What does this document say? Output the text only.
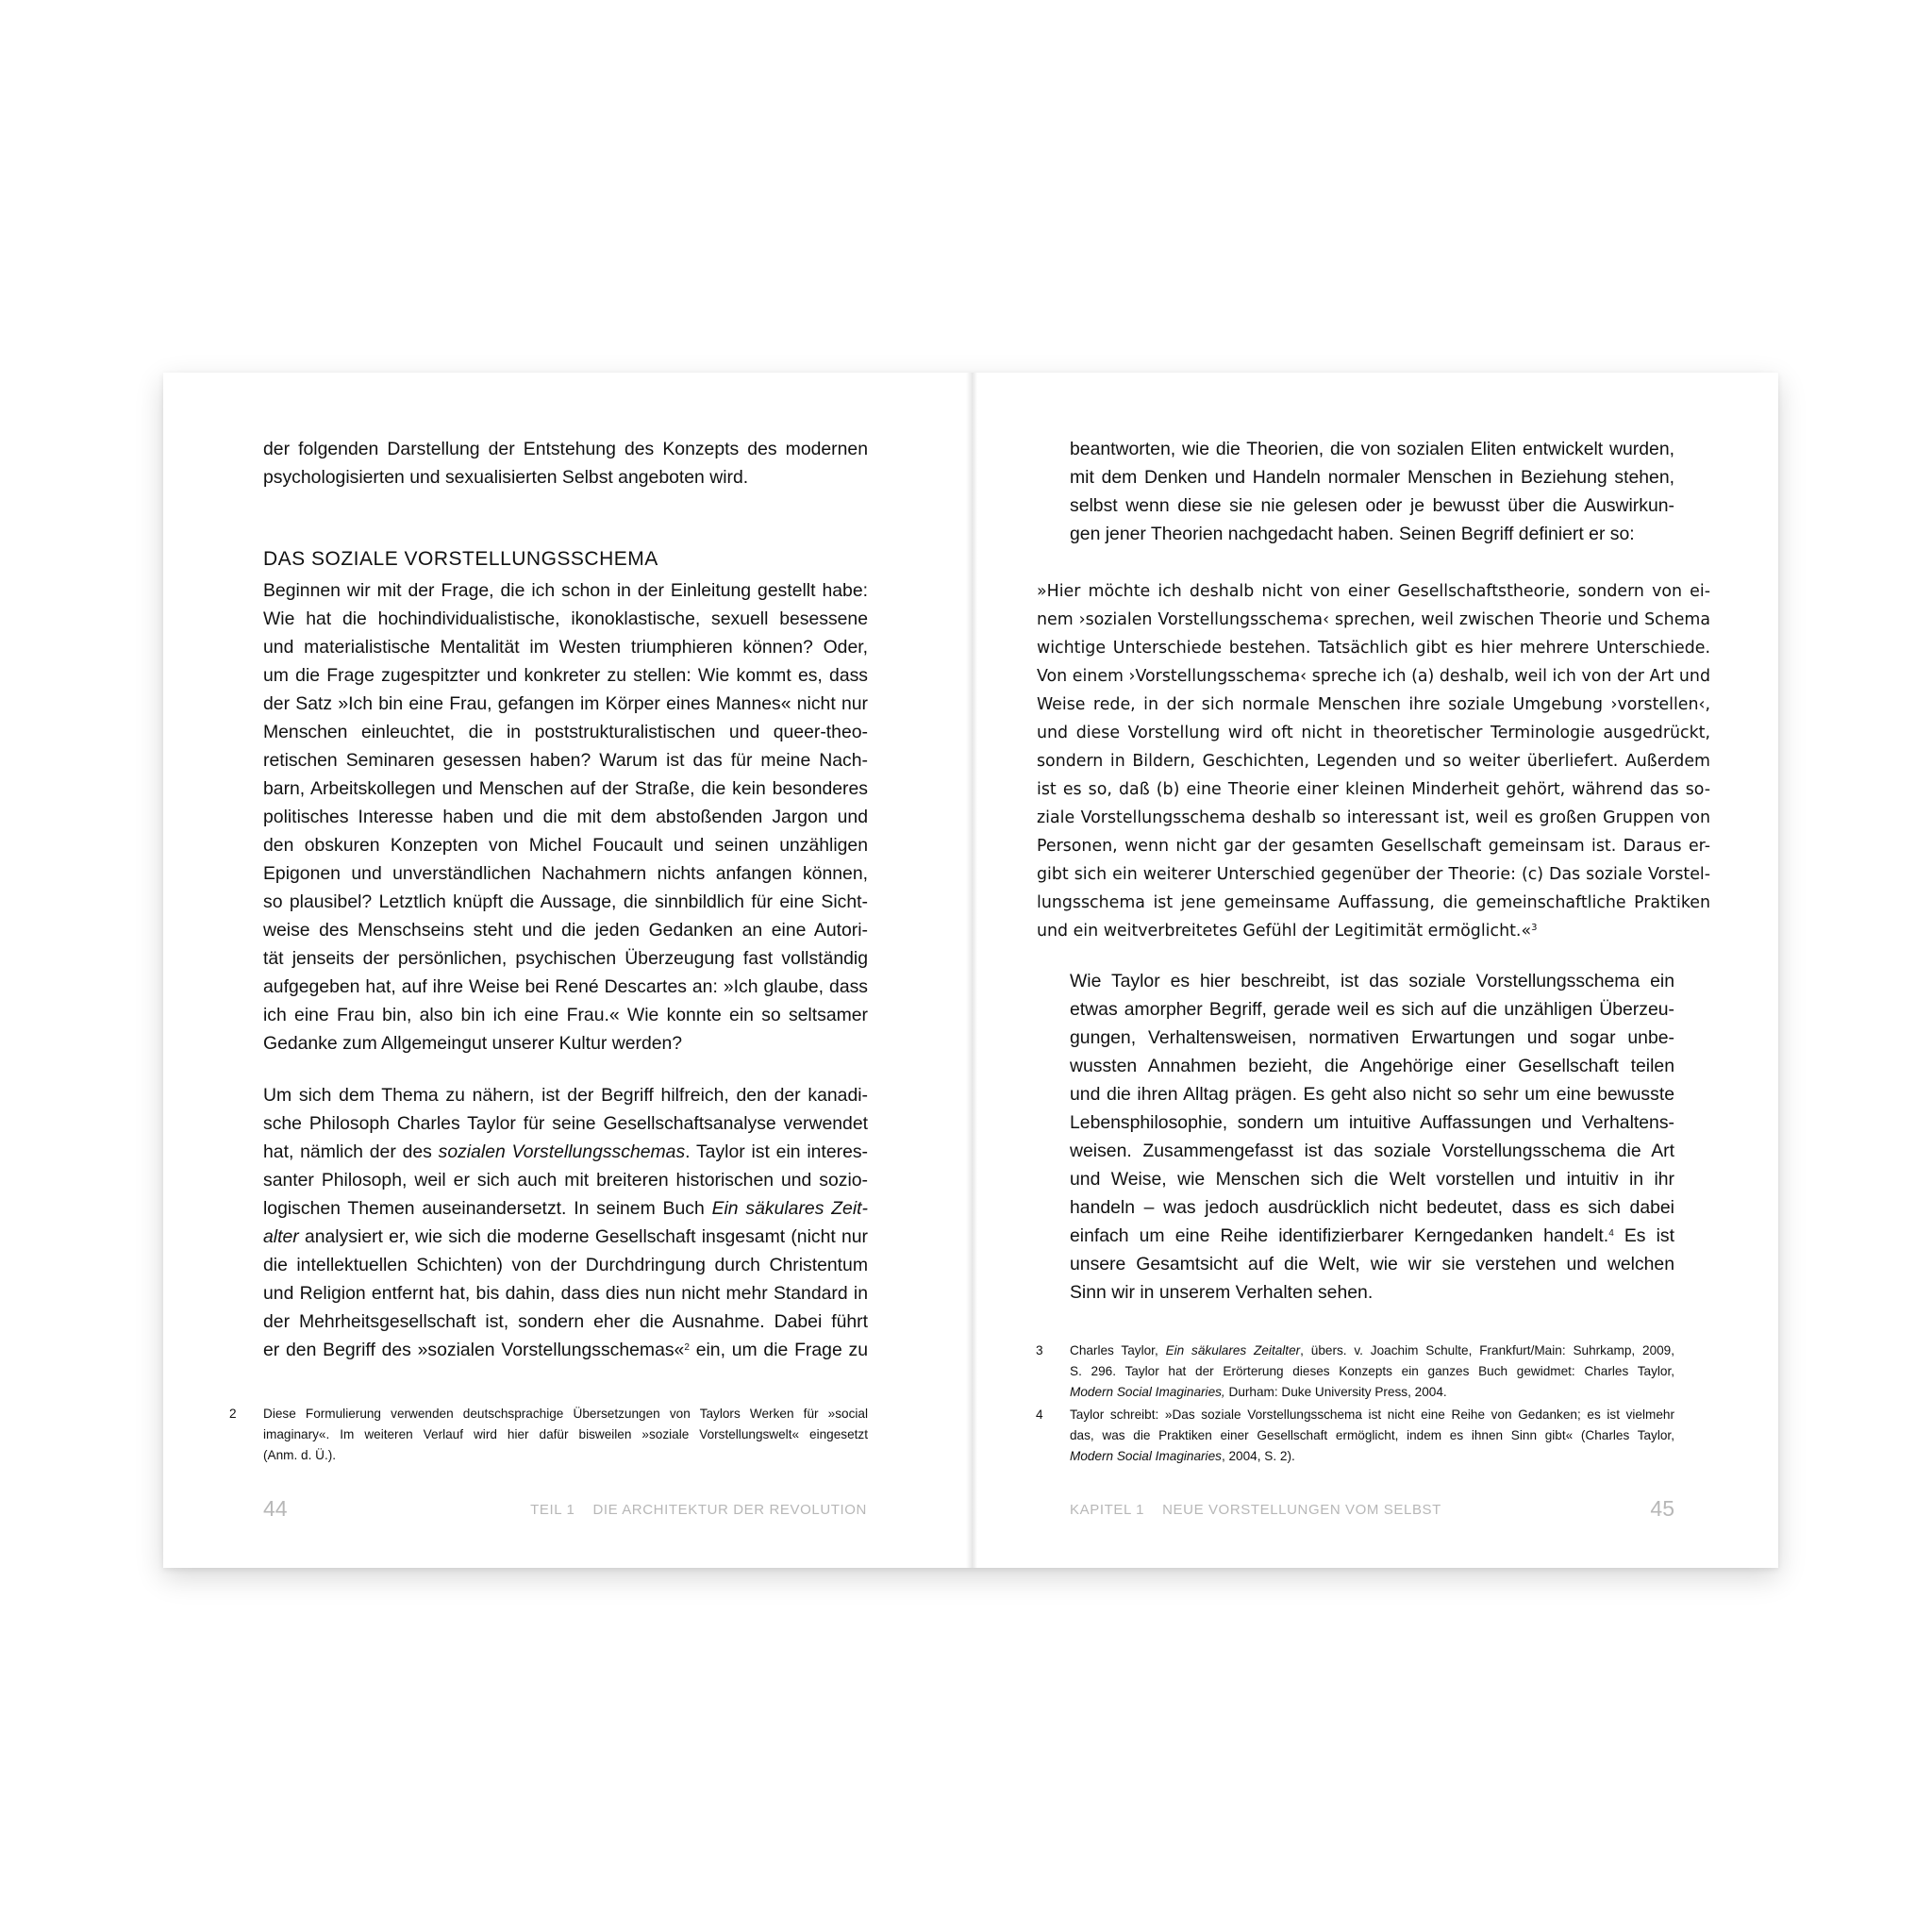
der folgenden Darstellung der Entstehung des Konzepts des modernen
psychologisierten und sexualisierten Selbst angeboten wird.
DAS SOZIALE VORSTELLUNGSSCHEMA
Beginnen wir mit der Frage, die ich schon in der Einleitung gestellt habe:
Wie hat die hochindividualistische, ikonoklastische, sexuell besessene
und materialistische Mentalität im Westen triumphieren können? Oder,
um die Frage zugespitzter und konkreter zu stellen: Wie kommt es, dass
der Satz »Ich bin eine Frau, gefangen im Körper eines Mannes« nicht nur
Menschen einleuchtet, die in poststrukturalistischen und queer-theo-
retischen Seminaren gesessen haben? Warum ist das für meine Nach-
barn, Arbeitskollegen und Menschen auf der Straße, die kein besonderes
politisches Interesse haben und die mit dem abstoßenden Jargon und
den obskuren Konzepten von Michel Foucault und seinen unzähligen
Epigonen und unverständlichen Nachahmern nichts anfangen können,
so plausibel? Letztlich knüpft die Aussage, die sinnbildlich für eine Sicht-
weise des Menschseins steht und die jeden Gedanken an eine Autori-
tät jenseits der persönlichen, psychischen Überzeugung fast vollständig
aufgegeben hat, auf ihre Weise bei René Descartes an: »Ich glaube, dass
ich eine Frau bin, also bin ich eine Frau.« Wie konnte ein so seltsamer
Gedanke zum Allgemeingut unserer Kultur werden?
Um sich dem Thema zu nähern, ist der Begriff hilfreich, den der kanadi-
sche Philosoph Charles Taylor für seine Gesellschaftsanalyse verwendet
hat, nämlich der des sozialen Vorstellungsschemas. Taylor ist ein interes-
santer Philosoph, weil er sich auch mit breiteren historischen und sozio-
logischen Themen auseinandersetzt. In seinem Buch Ein säkulares Zeit-
alter analysiert er, wie sich die moderne Gesellschaft insgesamt (nicht nur
die intellektuellen Schichten) von der Durchdringung durch Christentum
und Religion entfernt hat, bis dahin, dass dies nun nicht mehr Standard in
der Mehrheitsgesellschaft ist, sondern eher die Ausnahme. Dabei führt
er den Begriff des »sozialen Vorstellungsschemas«$^2$ ein, um die Frage zu
2 Diese Formulierung verwenden deutschsprachige Übersetzungen von Taylors Werken für »social
imaginary«. Im weiteren Verlauf wird hier dafür bisweilen »soziale Vorstellungswelt« eingesetzt
(Anm. d. Ü.).
44	TEIL 1    DIE ARCHITEKTUR DER REVOLUTION
beantworten, wie die Theorien, die von sozialen Eliten entwickelt wurden,
mit dem Denken und Handeln normaler Menschen in Beziehung stehen,
selbst wenn diese sie nie gelesen oder je bewusst über die Auswirkun-
gen jener Theorien nachgedacht haben. Seinen Begriff definiert er so:
»Hier möchte ich deshalb nicht von einer Gesellschaftstheorie, sondern von ei-
nem ›sozialen Vorstellungsschema‹ sprechen, weil zwischen Theorie und Schema
wichtige Unterschiede bestehen. Tatsächlich gibt es hier mehrere Unterschiede.
Von einem ›Vorstellungsschema‹ spreche ich (a) deshalb, weil ich von der Art und
Weise rede, in der sich normale Menschen ihre soziale Umgebung ›vorstellen‹,
und diese Vorstellung wird oft nicht in theoretischer Terminologie ausgedrückt,
sondern in Bildern, Geschichten, Legenden und so weiter überliefert. Außerdem
ist es so, daß (b) eine Theorie einer kleinen Minderheit gehört, während das so-
ziale Vorstellungsschema deshalb so interessant ist, weil es großen Gruppen von
Personen, wenn nicht gar der gesamten Gesellschaft gemeinsam ist. Daraus er-
gibt sich ein weiterer Unterschied gegenüber der Theorie: (c) Das soziale Vorstel-
lungsschema ist jene gemeinsame Auffassung, die gemeinschaftliche Praktiken
und ein weitverbreitetes Gefühl der Legitimität ermöglicht.«$^3$
Wie Taylor es hier beschreibt, ist das soziale Vorstellungsschema ein
etwas amorpher Begriff, gerade weil es sich auf die unzähligen Überzeu-
gungen, Verhaltensweisen, normativen Erwartungen und sogar unbe-
wussten Annahmen bezieht, die Angehörige einer Gesellschaft teilen
und die ihren Alltag prägen. Es geht also nicht so sehr um eine bewusste
Lebensphilosophie, sondern um intuitive Auffassungen und Verhaltens-
weisen. Zusammengefasst ist das soziale Vorstellungsschema die Art
und Weise, wie Menschen sich die Welt vorstellen und intuitiv in ihr
handeln – was jedoch ausdrücklich nicht bedeutet, dass es sich dabei
einfach um eine Reihe identifizierbarer Kerngedanken handelt.$^4$ Es ist
unsere Gesamtsicht auf die Welt, wie wir sie verstehen und welchen
Sinn wir in unserem Verhalten sehen.
3 Charles Taylor, Ein säkulares Zeitalter, übers. v. Joachim Schulte, Frankfurt/Main: Suhrkamp, 2009,
S. 296. Taylor hat der Erörterung dieses Konzepts ein ganzes Buch gewidmet: Charles Taylor,
Modern Social Imaginaries, Durham: Duke University Press, 2004.
4 Taylor schreibt: »Das soziale Vorstellungsschema ist nicht eine Reihe von Gedanken; es ist vielmehr
das, was die Praktiken einer Gesellschaft ermöglicht, indem es ihnen Sinn gibt« (Charles Taylor,
Modern Social Imaginaries, 2004, S. 2).
KAPITEL 1    NEUE VORSTELLUNGEN VOM SELBST	45
